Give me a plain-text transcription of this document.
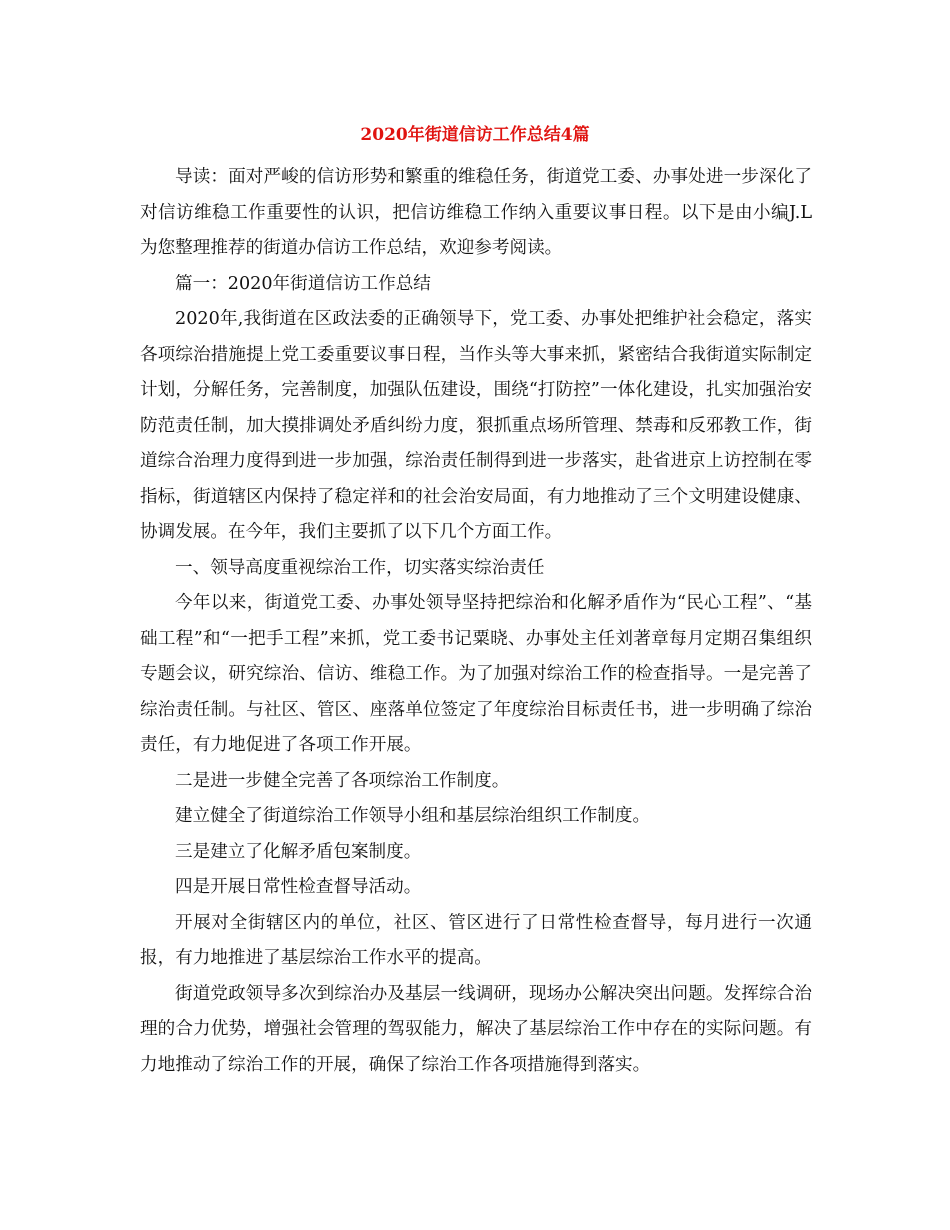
2020年街道信访工作总结4篇

导读：面对严峻的信访形势和繁重的维稳任务，街道党工委、办事处进一步深化了对信访维稳工作重要性的认识，把信访维稳工作纳入重要议事日程。以下是由小编J.L为您整理推荐的街道办信访工作总结，欢迎参考阅读。

篇一：2020年街道信访工作总结

2020年,我街道在区政法委的正确领导下，党工委、办事处把维护社会稳定，落实各项综治措施提上党工委重要议事日程，当作头等大事来抓，紧密结合我街道实际制定计划，分解任务，完善制度，加强队伍建设，围绕“打防控”一体化建设，扎实加强治安防范责任制，加大摸排调处矛盾纠纷力度，狠抓重点场所管理、禁毒和反邪教工作，街道综合治理力度得到进一步加强，综治责任制得到进一步落实，赴省进京上访控制在零指标，街道辖区内保持了稳定祥和的社会治安局面，有力地推动了三个文明建设健康、协调发展。在今年，我们主要抓了以下几个方面工作。

一、领导高度重视综治工作，切实落实综治责任

今年以来，街道党工委、办事处领导坚持把综治和化解矛盾作为“民心工程”、“基础工程”和“一把手工程”来抓，党工委书记粟晓、办事处主任刘著章每月定期召集组织专题会议，研究综治、信访、维稳工作。为了加强对综治工作的检查指导。一是完善了综治责任制。与社区、管区、座落单位签定了年度综治目标责任书，进一步明确了综治责任，有力地促进了各项工作开展。

二是进一步健全完善了各项综治工作制度。

建立健全了街道综治工作领导小组和基层综治组织工作制度。

三是建立了化解矛盾包案制度。

四是开展日常性检查督导活动。

开展对全街辖区内的单位，社区、管区进行了日常性检查督导，每月进行一次通报，有力地推进了基层综治工作水平的提高。

街道党政领导多次到综治办及基层一线调研，现场办公解决突出问题。发挥综合治理的合力优势，增强社会管理的驾驭能力，解决了基层综治工作中存在的实际问题。有力地推动了综治工作的开展，确保了综治工作各项措施得到落实。
